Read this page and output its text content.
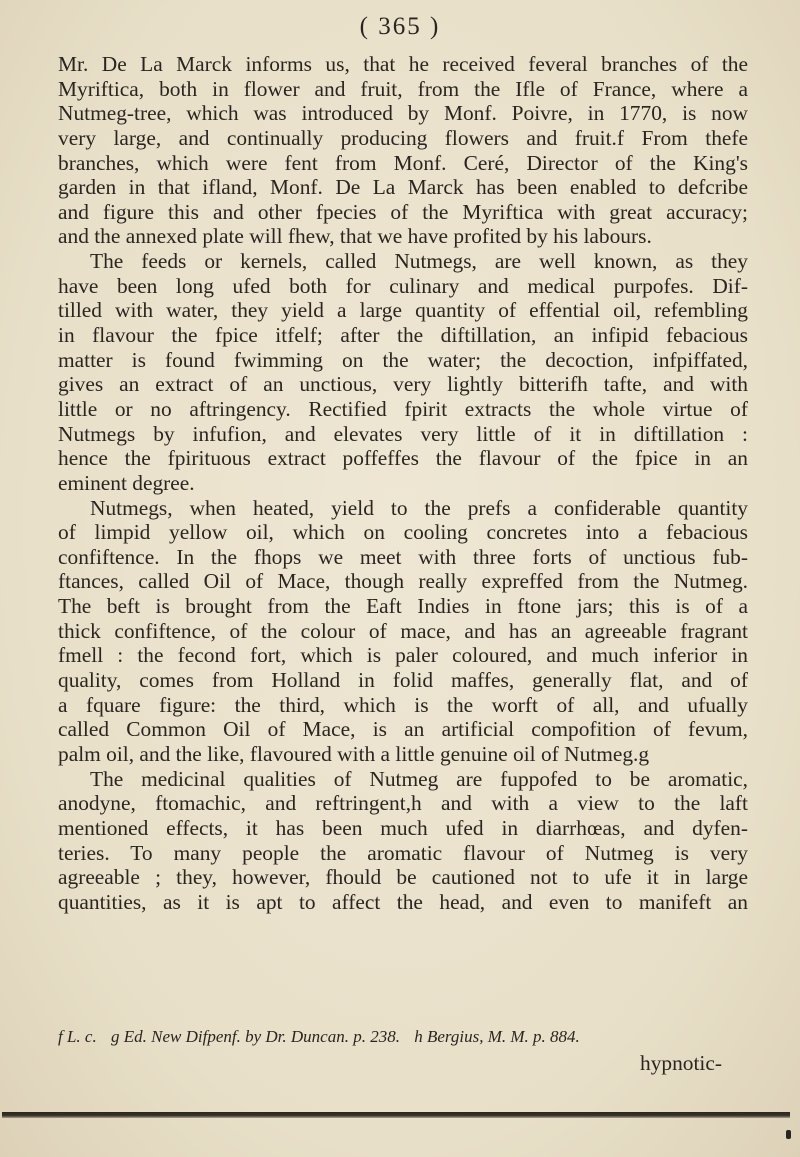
( 365 )
Mr. De La Marck informs us, that he received feveral branches of the
Myriftica, both in flower and fruit, from the Ifle of France, where a
Nutmeg-tree, which was introduced by Monf. Poivre, in 1770, is now
very large, and continually producing flowers and fruit.f From thefe
branches, which were fent from Monf. Ceré, Director of the King's
garden in that ifland, Monf. De La Marck has been enabled to defcribe
and figure this and other fpecies of the Myriftica with great accuracy;
and the annexed plate will fhew, that we have profited by his labours.
The feeds or kernels, called Nutmegs, are well known, as they
have been long ufed both for culinary and medical purpofes. Dif-
tilled with water, they yield a large quantity of effential oil, refembling
in flavour the fpice itfelf; after the diftillation, an infipid febacious
matter is found fwimming on the water; the decoction, infpiffated,
gives an extract of an unctious, very lightly bitterifh tafte, and with
little or no aftringency. Rectified fpirit extracts the whole virtue of
Nutmegs by infufion, and elevates very little of it in diftillation :
hence the fpirituous extract poffeffes the flavour of the fpice in an
eminent degree.
Nutmegs, when heated, yield to the prefs a confiderable quantity
of limpid yellow oil, which on cooling concretes into a febacious
confiftence. In the fhops we meet with three forts of unctious fub-
ftances, called Oil of Mace, though really expreffed from the Nutmeg.
The beft is brought from the Eaft Indies in ftone jars; this is of a
thick confiftence, of the colour of mace, and has an agreeable fragrant
fmell : the fecond fort, which is paler coloured, and much inferior in
quality, comes from Holland in folid maffes, generally flat, and of
a fquare figure: the third, which is the worft of all, and ufually
called Common Oil of Mace, is an artificial compofition of fevum,
palm oil, and the like, flavoured with a little genuine oil of Nutmeg.g
The medicinal qualities of Nutmeg are fuppofed to be aromatic,
anodyne, ftomachic, and reftringent,h and with a view to the laft
mentioned effects, it has been much ufed in diarrhœas, and dyfen-
teries. To many people the aromatic flavour of Nutmeg is very
agreeable ; they, however, fhould be cautioned not to ufe it in large
quantities, as it is apt to affect the head, and even to manifeft an
f L. c. g Ed. New Difpenf. by Dr. Duncan. p. 238. h Bergius, M. M. p. 884.
hypnotic-
